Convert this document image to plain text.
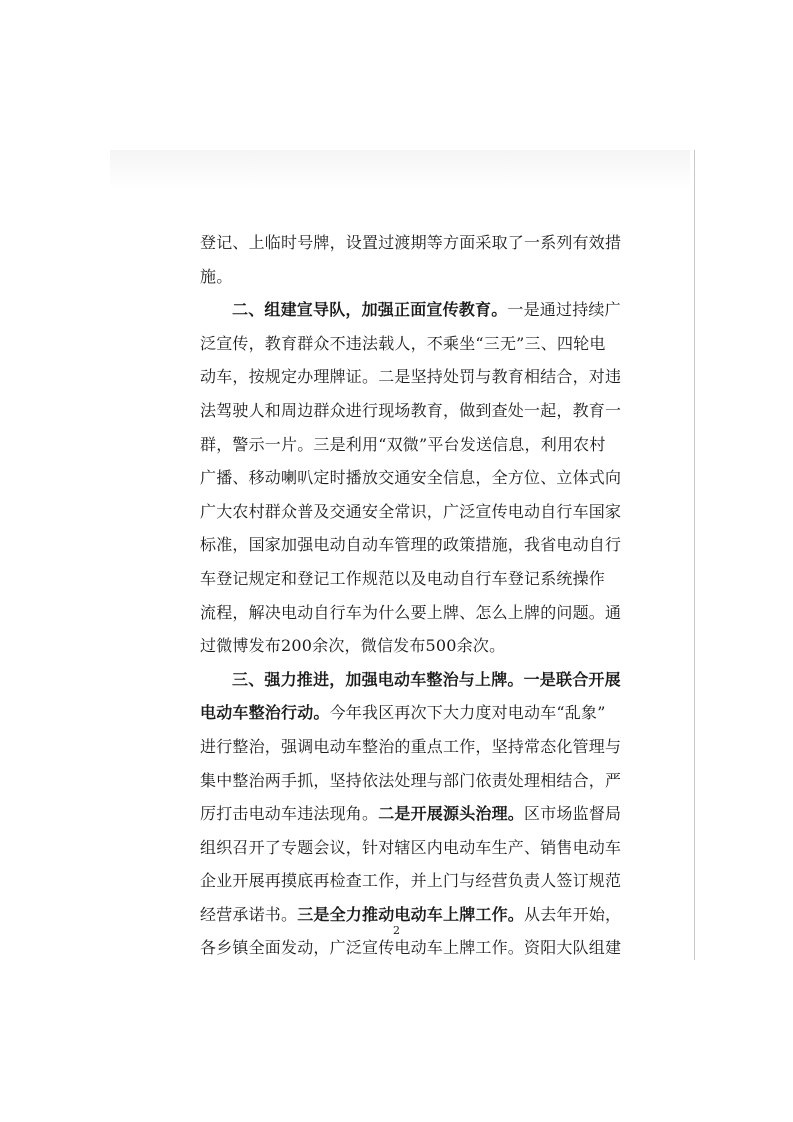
登记、上临时号牌，设置过渡期等方面采取了一系列有效措
施。
二、组建宣导队，加强正面宣传教育。一是通过持续广
泛宣传，教育群众不违法载人，不乘坐“三无”三、四轮电
动车，按规定办理牌证。二是坚持处罚与教育相结合，对违
法驾驶人和周边群众进行现场教育，做到查处一起，教育一
群，警示一片。三是利用“双微”平台发送信息，利用农村
广播、移动喇叭定时播放交通安全信息，全方位、立体式向
广大农村群众普及交通安全常识，广泛宣传电动自行车国家
标准，国家加强电动自动车管理的政策措施，我省电动自行
车登记规定和登记工作规范以及电动自行车登记系统操作
流程，解决电动自行车为什么要上牌、怎么上牌的问题。通
过微博发布200余次，微信发布500余次。
三、强力推进，加强电动车整治与上牌。一是联合开展
电动车整治行动。今年我区再次下大力度对电动车“乱象”
进行整治，强调电动车整治的重点工作，坚持常态化管理与
集中整治两手抓，坚持依法处理与部门依责处理相结合，严
厉打击电动车违法现角。二是开展源头治理。区市场监督局
组织召开了专题会议，针对辖区内电动车生产、销售电动车
企业开展再摸底再检查工作，并上门与经营负责人签订规范
经营承诺书。三是全力推动电动车上牌工作。从去年开始，
各乡镇全面发动，广泛宣传电动车上牌工作。资阳大队组建
2
